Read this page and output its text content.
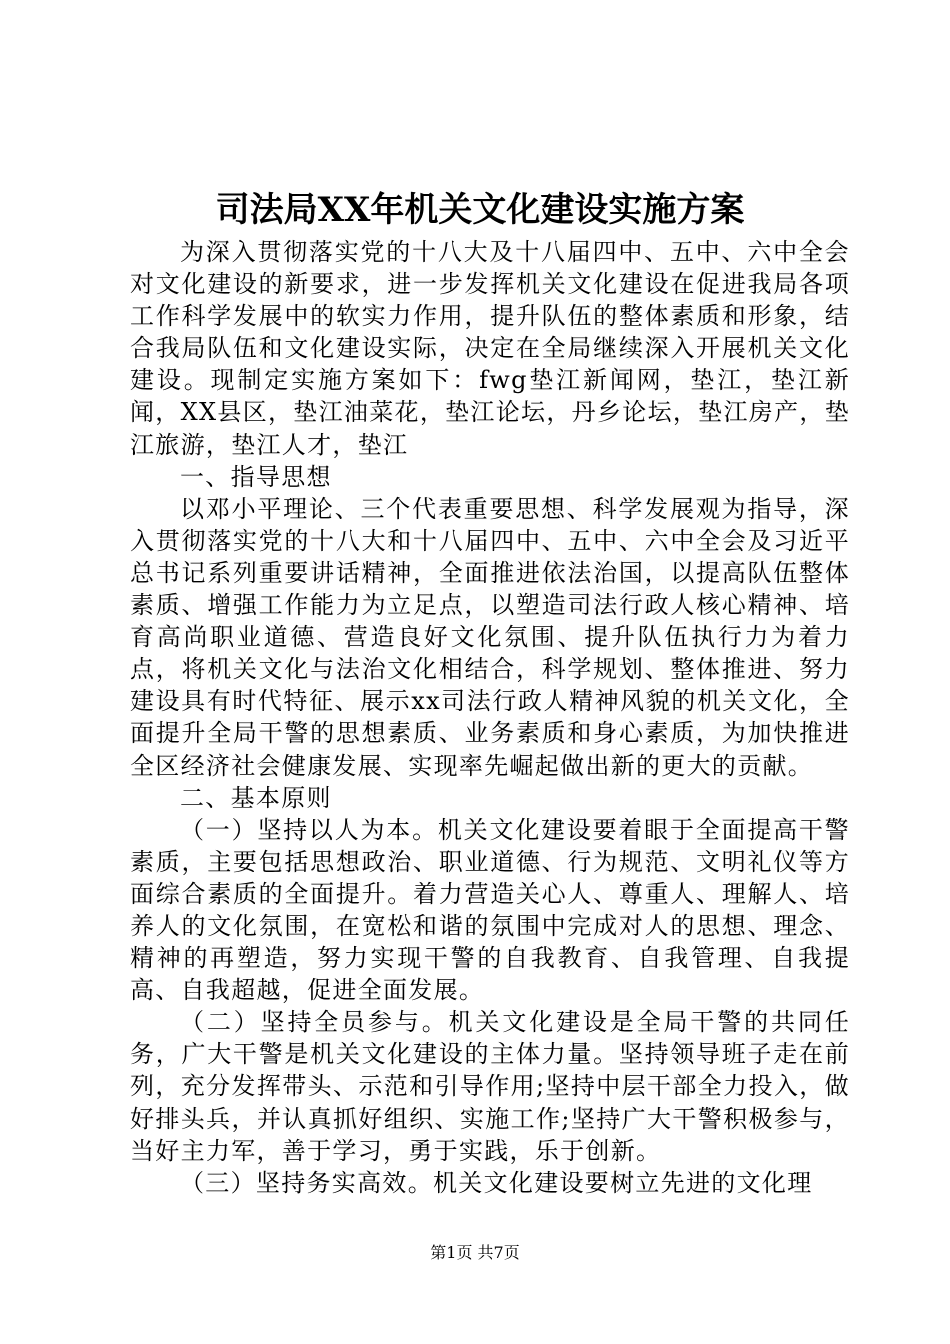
司法局XX年机关文化建设实施方案

为深入贯彻落实党的十八大及十八届四中、五中、六中全会对文化建设的新要求，进一步发挥机关文化建设在促进我局各项工作科学发展中的软实力作用，提升队伍的整体素质和形象，结合我局队伍和文化建设实际，决定在全局继续深入开展机关文化建设。现制定实施方案如下：fwg垫江新闻网，垫江，垫江新闻，XX县区，垫江油菜花，垫江论坛，丹乡论坛，垫江房产，垫江旅游，垫江人才，垫江

一、指导思想

以邓小平理论、三个代表重要思想、科学发展观为指导，深入贯彻落实党的十八大和十八届四中、五中、六中全会及习近平总书记系列重要讲话精神，全面推进依法治国，以提高队伍整体素质、增强工作能力为立足点，以塑造司法行政人核心精神、培育高尚职业道德、营造良好文化氛围、提升队伍执行力为着力点，将机关文化与法治文化相结合，科学规划、整体推进、努力建设具有时代特征、展示xx司法行政人精神风貌的机关文化，全面提升全局干警的思想素质、业务素质和身心素质，为加快推进全区经济社会健康发展、实现率先崛起做出新的更大的贡献。

二、基本原则

（一）坚持以人为本。机关文化建设要着眼于全面提高干警素质，主要包括思想政治、职业道德、行为规范、文明礼仪等方面综合素质的全面提升。着力营造关心人、尊重人、理解人、培养人的文化氛围，在宽松和谐的氛围中完成对人的思想、理念、精神的再塑造，努力实现干警的自我教育、自我管理、自我提高、自我超越，促进全面发展。

（二）坚持全员参与。机关文化建设是全局干警的共同任务，广大干警是机关文化建设的主体力量。坚持领导班子走在前列，充分发挥带头、示范和引导作用;坚持中层干部全力投入，做好排头兵，并认真抓好组织、实施工作;坚持广大干警积极参与，当好主力军，善于学习，勇于实践，乐于创新。

（三）坚持务实高效。机关文化建设要树立先进的文化理

第1页 共7页
